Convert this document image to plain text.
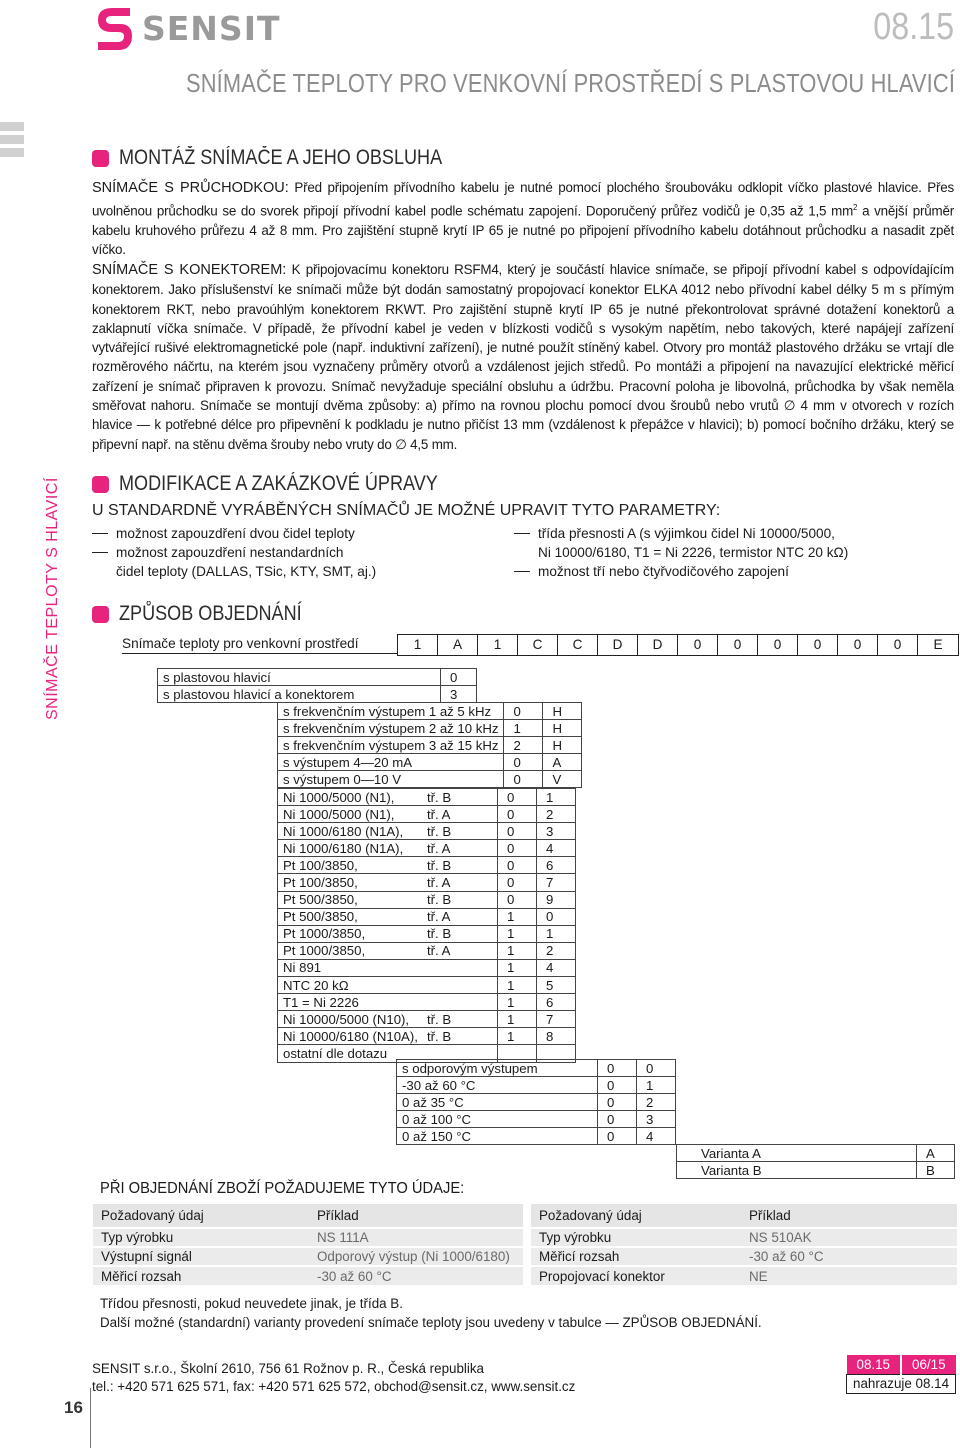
SENSIT	08.15
SNÍMAČE TEPLOTY PRO VENKOVNÍ PROSTŘEDÍ S PLASTOVOU HLAVICÍ
SNÍMAČE TEPLOTY S HLAVICÍ
MONTÁŽ SNÍMAČE A JEHO OBSLUHA

SNÍMAČE S PRŮCHODKOU: Před připojením přívodního kabelu je nutné pomocí plochého šroubováku odklopit víčko plastové hlavice. Přes uvolněnou průchodku se do svorek připojí přívodní kabel podle schématu zapojení. Doporučený průřez vodičů je 0,35 až 1,5 $mm^2$ a vnější průměr kabelu kruhového průřezu 4 až 8 mm. Pro zajištění stupně krytí IP 65 je nutné po připojení přívodního kabelu dotáhnout průchodku a nasadit zpět víčko.

SNÍMAČE S KONEKTOREM: K připojovacímu konektoru RSFM4, který je součástí hlavice snímače, se připojí přívodní kabel s odpovídajícím konektorem. Jako příslušenství ke snímači může být dodán samostatný propojovací konektor ELKA 4012 nebo přívodní kabel délky 5 m s přímým konektorem RKT, nebo pravoúhlým konektorem RKWT. Pro zajištění stupně krytí IP 65 je nutné překontrolovat správné dotažení konektorů a zaklapnutí víčka snímače. V případě, že přívodní kabel je veden v blízkosti vodičů s vysokým napětím, nebo takových, které napájejí zařízení vytvářející rušivé elektromagnetické pole (např. induktivní zařízení), je nutné použít stíněný kabel. Otvory pro montáž plastového držáku se vrtají dle rozměrového náčrtu, na kterém jsou vyznačeny průměry otvorů a vzdálenost jejich středů. Po montáži a připojení na navazující elektrické měřicí zařízení je snímač připraven k provozu. Snímač nevyžaduje speciální obsluhu a údržbu. Pracovní poloha je libovolná, průchodka by však neměla směřovat nahoru. Snímače se montují dvěma způsoby: a) přímo na rovnou plochu pomocí dvou šroubů nebo vrutů ∅ 4 mm v otvorech v rozích hlavice — k potřebné délce pro připevnění k podkladu je nutno přičíst 13 mm (vzdálenost k přepážce v hlavici); b) pomocí bočního držáku, který se připevní např. na stěnu dvěma šrouby nebo vruty do ∅ 4,5 mm.

MODIFIKACE A ZAKÁZKOVÉ ÚPRAVY
U STANDARDNĚ VYRÁBĚNÝCH SNÍMAČŮ JE MOŽNÉ UPRAVIT TYTO PARAMETRY:
možnost zapouzdření dvou čidel teploty
možnost zapouzdření nestandardních
čidel teploty (DALLAS, TSic, KTY, SMT, aj.)
třída přesnosti A (s výjimkou čidel Ni 10000/5000,
Ni 10000/6180, T1 = Ni 2226, termistor NTC 20 kΩ)
možnost tří nebo čtyřvodičového zapojení
ZPŮSOB OBJEDNÁNÍ
Snímače teploty pro venkovní prostředí	1	A	1	C	C	D	D	0	0	0	0	0	0	E
s plastovou hlavicí	0
s plastovou hlavicí a konektorem	3
s frekvenčním výstupem 1 až 5 kHz	0	H
s frekvenčním výstupem 2 až 10 kHz	1	H
s frekvenčním výstupem 3 až 15 kHz	2	H
s výstupem 4—20 mA	0	A
s výstupem 0—10 V	0	V
Ni 1000/5000 (N1), tř. B	0	1
Ni 1000/5000 (N1), tř. A	0	2
Ni 1000/6180 (N1A), tř. B	0	3
Ni 1000/6180 (N1A), tř. A	0	4
Pt 100/3850, tř. B	0	6
Pt 100/3850, tř. A	0	7
Pt 500/3850, tř. B	0	9
Pt 500/3850, tř. A	1	0
Pt 1000/3850, tř. B	1	1
Pt 1000/3850, tř. A	1	2
Ni 891	1	4
NTC 20 kΩ	1	5
T1 = Ni 2226	1	6
Ni 10000/5000 (N10), tř. B	1	7
Ni 10000/6180 (N10A), tř. B	1	8
ostatní dle dotazu		
s odporovým výstupem	0	0
-30 až 60 °C	0	1
0 až 35 °C	0	2
0 až 100 °C	0	3
0 až 150 °C	0	4
Varianta A	A
Varianta B	B
PŘI OBJEDNÁNÍ ZBOŽÍ POŽADUJEME TYTO ÚDAJE:
Požadovaný údaj	Příklad		Požadovaný údaj	Příklad
Typ výrobku	NS 111A		Typ výrobku	NS 510AK
Výstupní signál	Odporový výstup (Ni 1000/6180)		Měřicí rozsah	-30 až 60 °C
Měřicí rozsah	-30 až 60 °C		Propojovací konektor	NE
Třídou přesnosti, pokud neuvedete jinak, je třída B.
Další možné (standardní) varianty provedení snímače teploty jsou uvedeny v tabulce — ZPŮSOB OBJEDNÁNÍ.
SENSIT s.r.o., Školní 2610, 756 61 Rožnov p. R., Česká republika
tel.: +420 571 625 571, fax: +420 571 625 572, obchod@sensit.cz, www.sensit.cz
08.15	06/15
nahrazuje 08.14
16
